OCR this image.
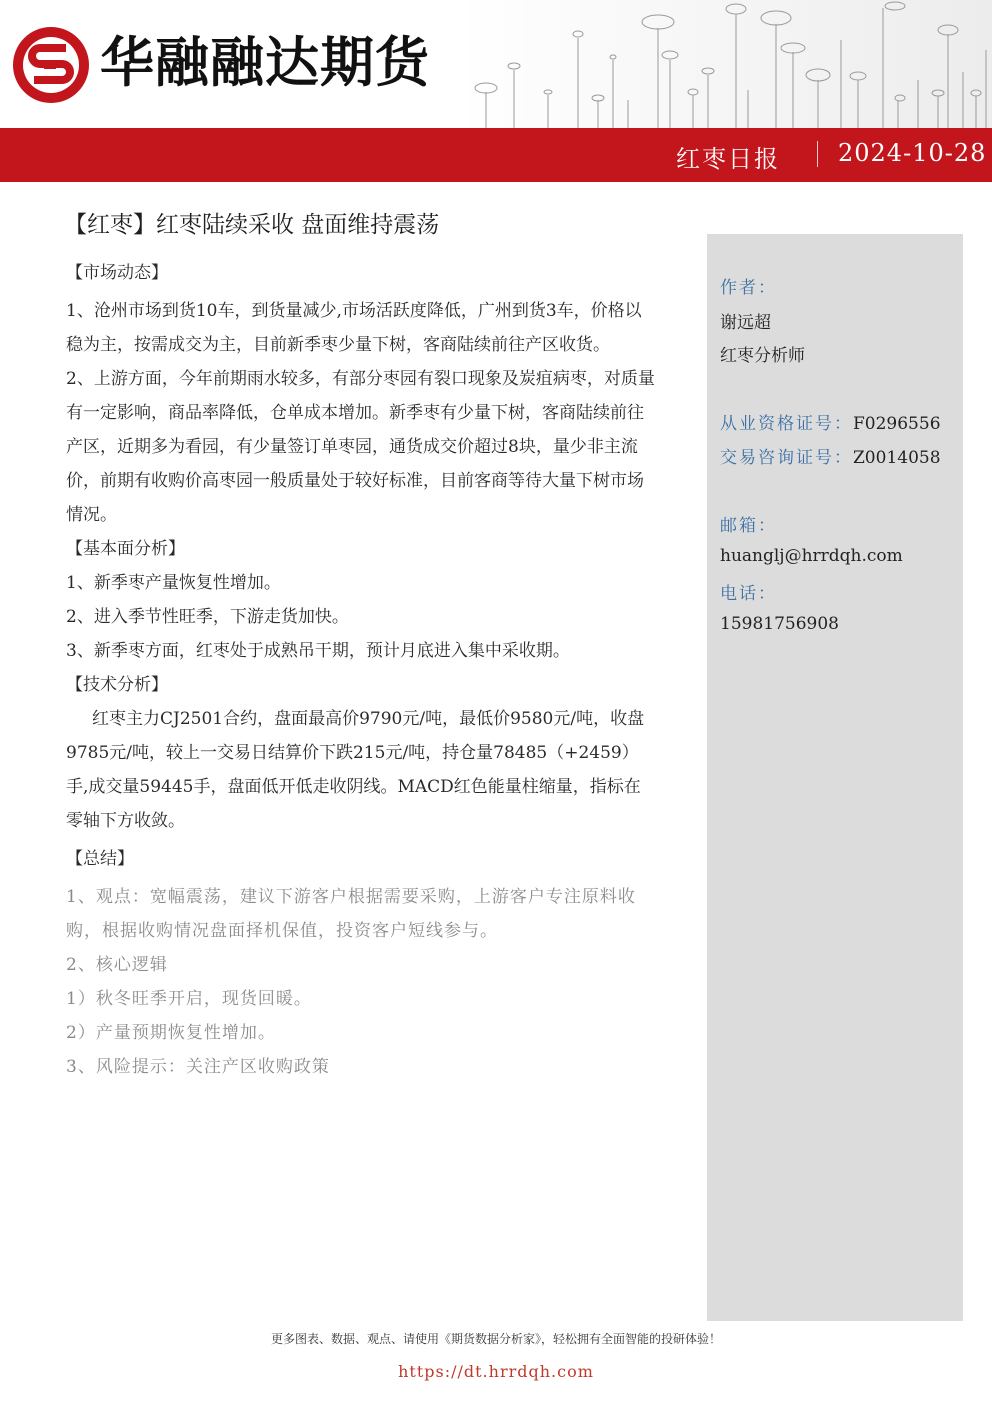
华融融达期货
红枣日报 2024-10-28
【红枣】红枣陆续采收 盘面维持震荡

【市场动态】

1、沧州市场到货10车，到货量减少,市场活跃度降低，广州到货3车，价格以稳为主，按需成交为主，目前新季枣少量下树，客商陆续前往产区收货。

2、上游方面，今年前期雨水较多，有部分枣园有裂口现象及炭疽病枣，对质量有一定影响，商品率降低，仓单成本增加。新季枣有少量下树，客商陆续前往产区，近期多为看园，有少量签订单枣园，通货成交价超过8块，量少非主流价，前期有收购价高枣园一般质量处于较好标准，目前客商等待大量下树市场情况。

【基本面分析】

1、新季枣产量恢复性增加。

2、进入季节性旺季，下游走货加快。

3、新季枣方面，红枣处于成熟吊干期，预计月底进入集中采收期。

【技术分析】

红枣主力CJ2501合约，盘面最高价9790元/吨，最低价9580元/吨，收盘9785元/吨，较上一交易日结算价下跌215元/吨，持仓量78485（+2459）手,成交量59445手，盘面低开低走收阴线。MACD红色能量柱缩量，指标在零轴下方收敛。

【总结】

1、观点：宽幅震荡，建议下游客户根据需要采购，上游客户专注原料收购，根据收购情况盘面择机保值，投资客户短线参与。

2、核心逻辑

1）秋冬旺季开启，现货回暖。

2）产量预期恢复性增加。

3、风险提示：关注产区收购政策

作者：
谢远超
红枣分析师
从业资格证号：F0296556
交易咨询证号：Z0014058
邮箱：
huanglj@hrrdqh.com
电话：
15981756908
更多图表、数据、观点、请使用《期货数据分析家》，轻松拥有全面智能的投研体验！
https://dt.hrrdqh.com
